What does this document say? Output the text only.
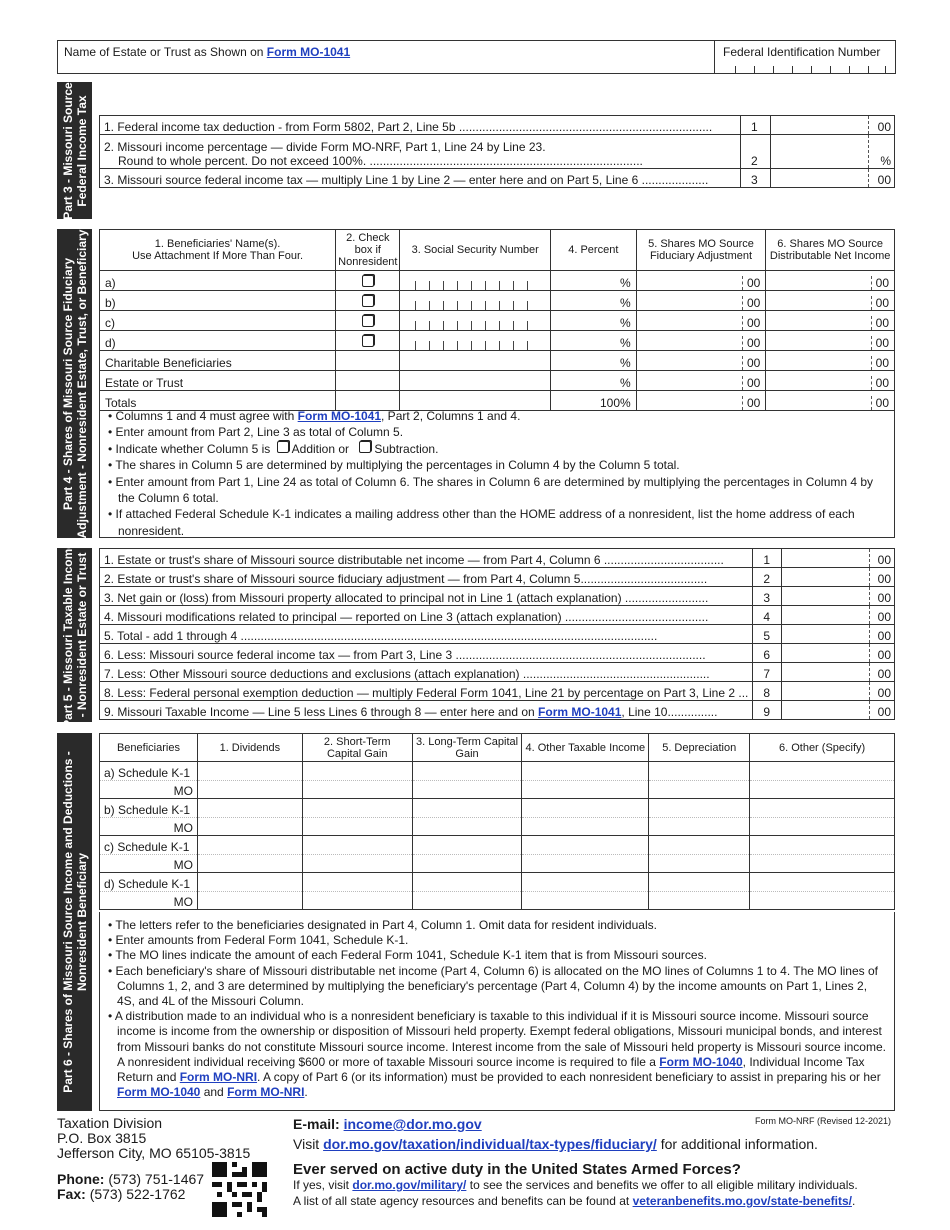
Name of Estate or Trust as Shown on Form MO-1041	Federal Identification Number
Part 3 - Missouri Source
Federal Income Tax 1. Federal income tax deduction - from Form 5802, Part 2, Line 5b ............................................................................	1		00
2. Missouri income percentage — divide Form MO-NRF, Part 1, Line 24 by Line 23.
Round to whole percent. Do not exceed 100%. ..................................................................................	2		%
3. Missouri source federal income tax — multiply Line 1 by Line 2 — enter here and on Part 5, Line 6 ....................	3		00
Part 4 - Shares of Missouri Source Fiduciary
Adjustment - Nonresident Estate, Trust, or Beneficiary	1. Beneficiaries' Name(s).
Use Attachment If More Than Four.	2. Check box if Nonresident	3. Social Security Number	4. Percent	5. Shares MO Source Fiduciary Adjustment	6. Shares MO Source Distributable Net Income
a)			%	00	00

b)			%	00	00

c)			%	00	00

d)			%	00	00

Charitable Beneficiaries			%	00	00

Estate or Trust			%	00	00

Totals			100%	00	00
• Columns 1 and 4 must agree with Form MO-1041, Part 2, Columns 1 and 4.
• Enter amount from Part 2, Line 3 as total of Column 5.
• Indicate whether Column 5 is Addition or Subtraction.
• The shares in Column 5 are determined by multiplying the percentages in Column 4 by the Column 5 total.
• Enter amount from Part 1, Line 24 as total of Column 6. The shares in Column 6 are determined by multiplying the percentages in Column 4 by the Column 6 total.
• If attached Federal Schedule K-1 indicates a mailing address other than the HOME address of a nonresident, list the home address of each nonresident.
Part 5 - Missouri Taxable Income
- Nonresident Estate or Trust 1. Estate or trust's share of Missouri source distributable net income — from Part 4, Column 6 ....................................	1		00
2. Estate or trust's share of Missouri source fiduciary adjustment — from Part 4, Column 5......................................	2		00
3. Net gain or (loss) from Missouri property allocated to principal not in Line 1 (attach explanation) .........................	3		00
4. Missouri modifications related to principal — reported on Line 3 (attach explanation) ...........................................	4		00
5. Total - add 1 through 4 .............................................................................................................................	5		00
6. Less: Missouri source federal income tax — from Part 3, Line 3 ...........................................................................	6		00
7. Less: Other Missouri source deductions and exclusions (attach explanation) ........................................................	7		00
8. Less: Federal personal exemption deduction — multiply Federal Form 1041, Line 21 by percentage on Part 3, Line 2 ...	8		00
9. Missouri Taxable Income — Line 5 less Lines 6 through 8 — enter here and on Form MO-1041, Line 10...............	9		00
Part 6 - Shares of Missouri Source Income and Deductions -
Nonresident Beneficiary
Beneficiaries	1. Dividends	2. Short-Term Capital Gain	3. Long-Term Capital Gain	4. Other Taxable Income	5. Depreciation	6. Other (Specify)
a) Schedule K-1						
MO						
b) Schedule K-1						
MO						
c) Schedule K-1						
MO						
d) Schedule K-1						
MO						
• The letters refer to the beneficiaries designated in Part 4, Column 1. Omit data for resident individuals.
• Enter amounts from Federal Form 1041, Schedule K-1.
• The MO lines indicate the amount of each Federal Form 1041, Schedule K-1 item that is from Missouri sources.
• Each beneficiary's share of Missouri distributable net income (Part 4, Column 6) is allocated on the MO lines of Columns 1 to 4. The MO lines of Columns 1, 2, and 3 are determined by multiplying the beneficiary's percentage (Part 4, Column 4) by the income amounts on Part 1, Lines 2, 4S, and 4L of the Missouri Column.
• A distribution made to an individual who is a nonresident beneficiary is taxable to this individual if it is Missouri source income. Missouri source income is income from the ownership or disposition of Missouri held property. Exempt federal obligations, Missouri municipal bonds, and interest from Missouri banks do not constitute Missouri source income. Interest income from the sale of Missouri held property is Missouri source income. A nonresident individual receiving $600 or more of taxable Missouri source income is required to file a Form MO-1040, Individual Income Tax Return and Form MO-NRI. A copy of Part 6 (or its information) must be provided to each nonresident beneficiary to assist in preparing his or her Form MO-1040 and Form MO-NRI.
Taxation Division
P.O. Box 3815
Jefferson City, MO 65105-3815
Phone: (573) 751-1467
Fax: (573) 522-1762
E-mail: income@dor.mo.gov
Visit dor.mo.gov/taxation/individual/tax-types/fiduciary/ for additional information.
Form MO-NRF (Revised 12-2021)
Ever served on active duty in the United States Armed Forces?
If yes, visit dor.mo.gov/military/ to see the services and benefits we offer to all eligible military individuals.
A list of all state agency resources and benefits can be found at veteranbenefits.mo.gov/state-benefits/.
